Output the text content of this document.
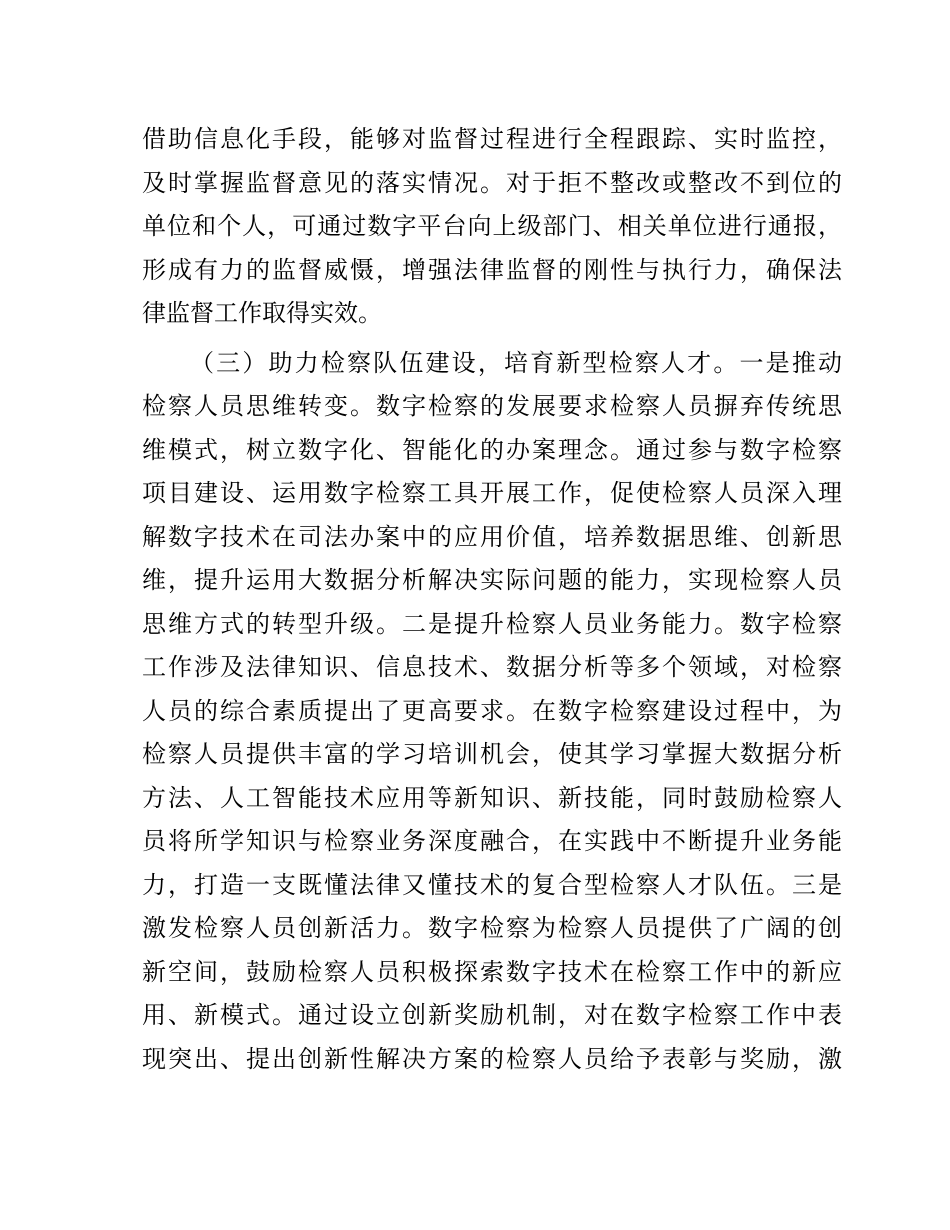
借助信息化手段，能够对监督过程进行全程跟踪、实时监控，
及时掌握监督意见的落实情况。对于拒不整改或整改不到位的
单位和个人，可通过数字平台向上级部门、相关单位进行通报，
形成有力的监督威慑，增强法律监督的刚性与执行力，确保法
律监督工作取得实效。
（三）助力检察队伍建设，培育新型检察人才。一是推动
检察人员思维转变。数字检察的发展要求检察人员摒弃传统思
维模式，树立数字化、智能化的办案理念。通过参与数字检察
项目建设、运用数字检察工具开展工作，促使检察人员深入理
解数字技术在司法办案中的应用价值，培养数据思维、创新思
维，提升运用大数据分析解决实际问题的能力，实现检察人员
思维方式的转型升级。二是提升检察人员业务能力。数字检察
工作涉及法律知识、信息技术、数据分析等多个领域，对检察
人员的综合素质提出了更高要求。在数字检察建设过程中，为
检察人员提供丰富的学习培训机会，使其学习掌握大数据分析
方法、人工智能技术应用等新知识、新技能，同时鼓励检察人
员将所学知识与检察业务深度融合，在实践中不断提升业务能
力，打造一支既懂法律又懂技术的复合型检察人才队伍。三是
激发检察人员创新活力。数字检察为检察人员提供了广阔的创
新空间，鼓励检察人员积极探索数字技术在检察工作中的新应
用、新模式。通过设立创新奖励机制，对在数字检察工作中表
现突出、提出创新性解决方案的检察人员给予表彰与奖励，激
